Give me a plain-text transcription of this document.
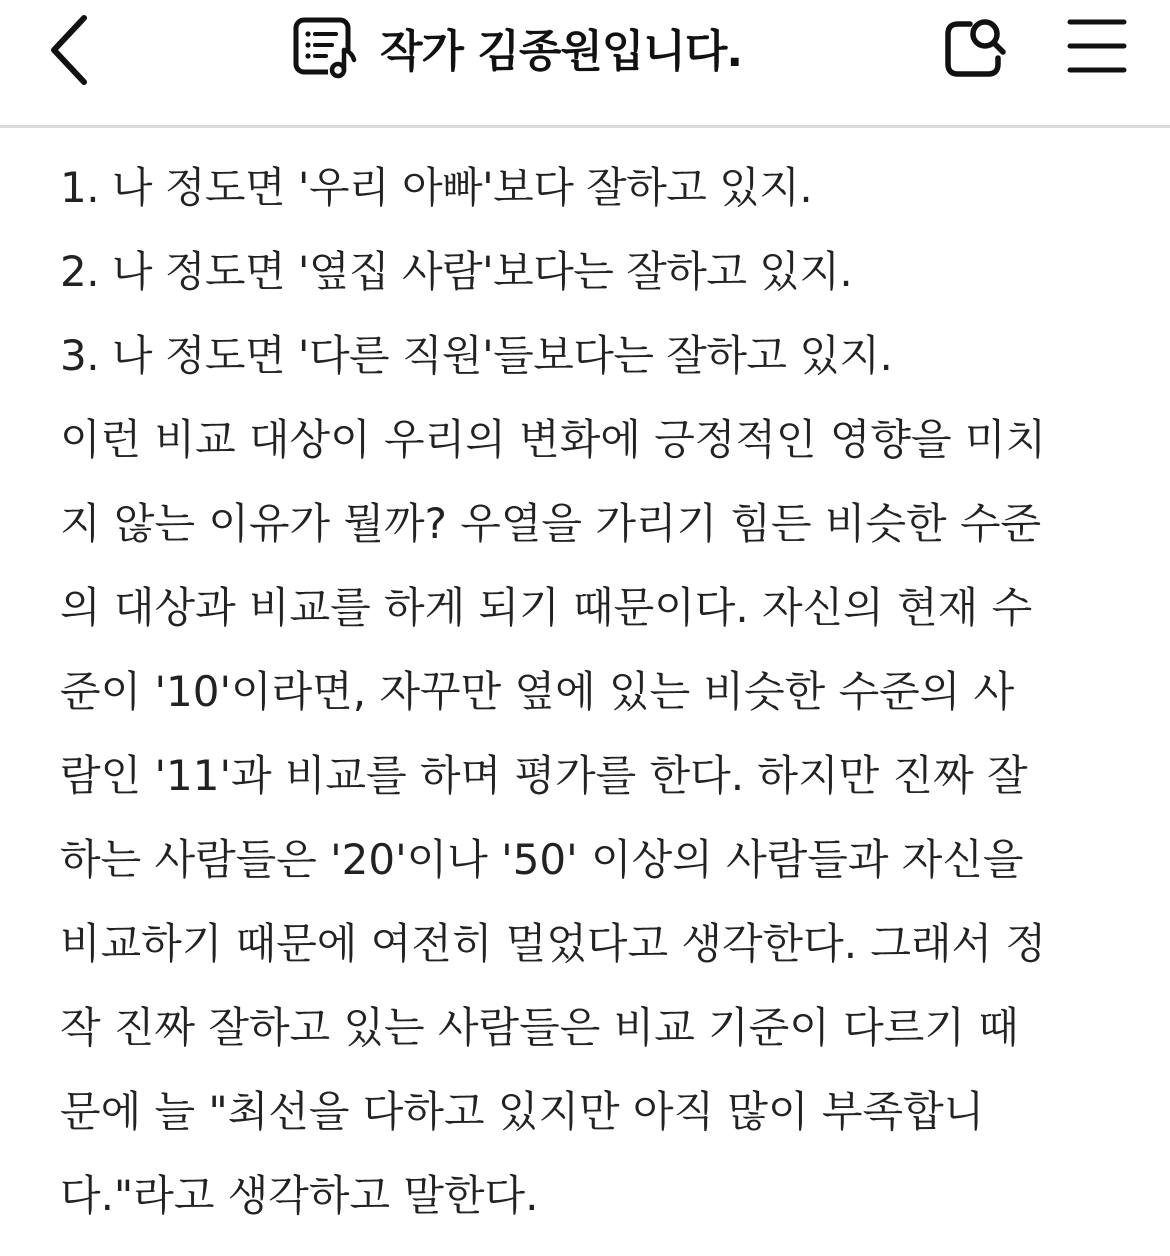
작가 김종원입니다.
1. 나 정도면 '우리 아빠'보다 잘하고 있지.
2. 나 정도면 '옆집 사람'보다는 잘하고 있지.
3. 나 정도면 '다른 직원'들보다는 잘하고 있지.
이런 비교 대상이 우리의 변화에 긍정적인 영향을 미치
지 않는 이유가 뭘까? 우열을 가리기 힘든 비슷한 수준
의 대상과 비교를 하게 되기 때문이다. 자신의 현재 수
준이 '10'이라면, 자꾸만 옆에 있는 비슷한 수준의 사
람인 '11'과 비교를 하며 평가를 한다. 하지만 진짜 잘
하는 사람들은 '20'이나 '50' 이상의 사람들과 자신을
비교하기 때문에 여전히 멀었다고 생각한다. 그래서 정
작 진짜 잘하고 있는 사람들은 비교 기준이 다르기 때
문에 늘 "최선을 다하고 있지만 아직 많이 부족합니
다."라고 생각하고 말한다.
